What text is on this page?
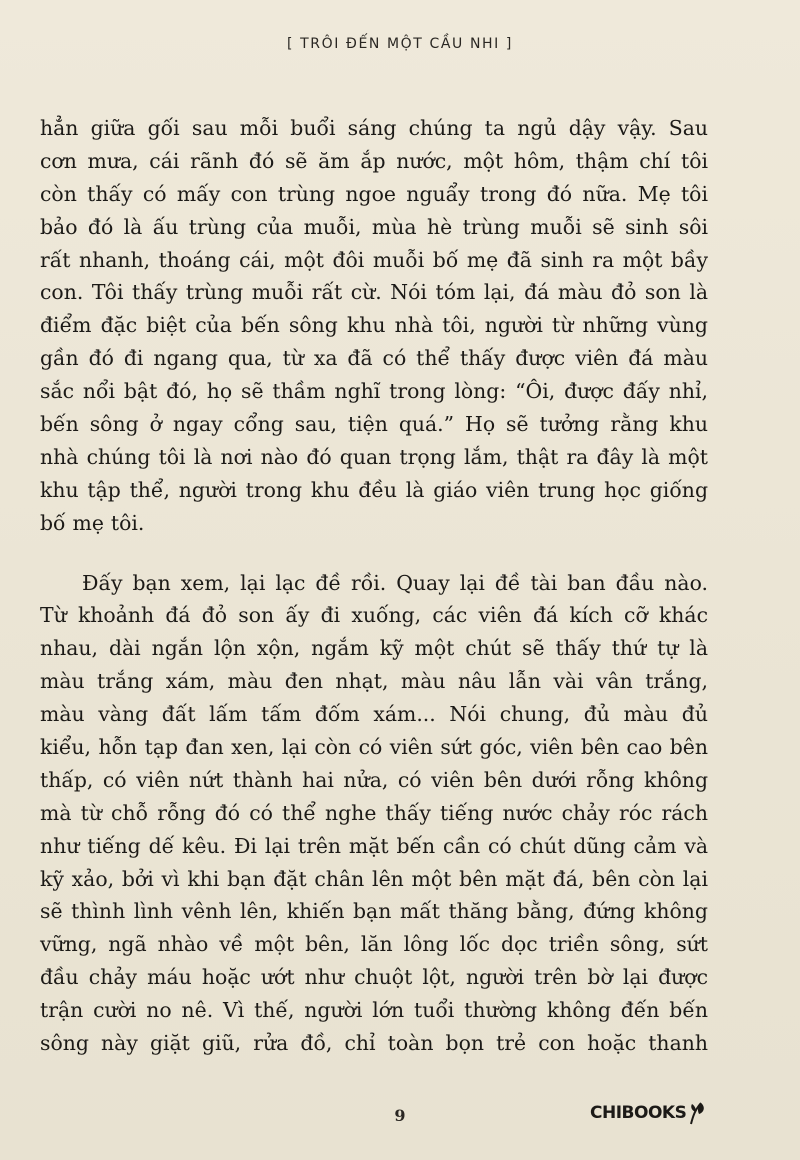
[ TRÔI ĐẾN MỘT CẦU NHI ]
hẳn giữa gối sau mỗi buổi sáng chúng ta ngủ dậy vậy. Sau
cơn mưa, cái rãnh đó sẽ ăm ắp nước, một hôm, thậm chí tôi
còn thấy có mấy con trùng ngoe nguẩy trong đó nữa. Mẹ tôi
bảo đó là ấu trùng của muỗi, mùa hè trùng muỗi sẽ sinh sôi
rất nhanh, thoáng cái, một đôi muỗi bố mẹ đã sinh ra một bầy
con. Tôi thấy trùng muỗi rất cừ. Nói tóm lại, đá màu đỏ son là
điểm đặc biệt của bến sông khu nhà tôi, người từ những vùng
gần đó đi ngang qua, từ xa đã có thể thấy được viên đá màu
sắc nổi bật đó, họ sẽ thầm nghĩ trong lòng: “Ôi, được đấy nhỉ,
bến sông ở ngay cổng sau, tiện quá.” Họ sẽ tưởng rằng khu
nhà chúng tôi là nơi nào đó quan trọng lắm, thật ra đây là một
khu tập thể, người trong khu đều là giáo viên trung học giống
bố mẹ tôi.
Đấy bạn xem, lại lạc đề rồi. Quay lại đề tài ban đầu nào.
Từ khoảnh đá đỏ son ấy đi xuống, các viên đá kích cỡ khác
nhau, dài ngắn lộn xộn, ngắm kỹ một chút sẽ thấy thứ tự là
màu trắng xám, màu đen nhạt, màu nâu lẫn vài vân trắng,
màu vàng đất lấm tấm đốm xám... Nói chung, đủ màu đủ
kiểu, hỗn tạp đan xen, lại còn có viên sứt góc, viên bên cao bên
thấp, có viên nứt thành hai nửa, có viên bên dưới rỗng không
mà từ chỗ rỗng đó có thể nghe thấy tiếng nước chảy róc rách
như tiếng dế kêu. Đi lại trên mặt bến cần có chút dũng cảm và
kỹ xảo, bởi vì khi bạn đặt chân lên một bên mặt đá, bên còn lại
sẽ thình lình vênh lên, khiến bạn mất thăng bằng, đứng không
vững, ngã nhào về một bên, lăn lông lốc dọc triền sông, sứt
đầu chảy máu hoặc ướt như chuột lột, người trên bờ lại được
trận cười no nê. Vì thế, người lớn tuổi thường không đến bến
sông này giặt giũ, rửa đồ, chỉ toàn bọn trẻ con hoặc thanh
9	CHIBOOKS
